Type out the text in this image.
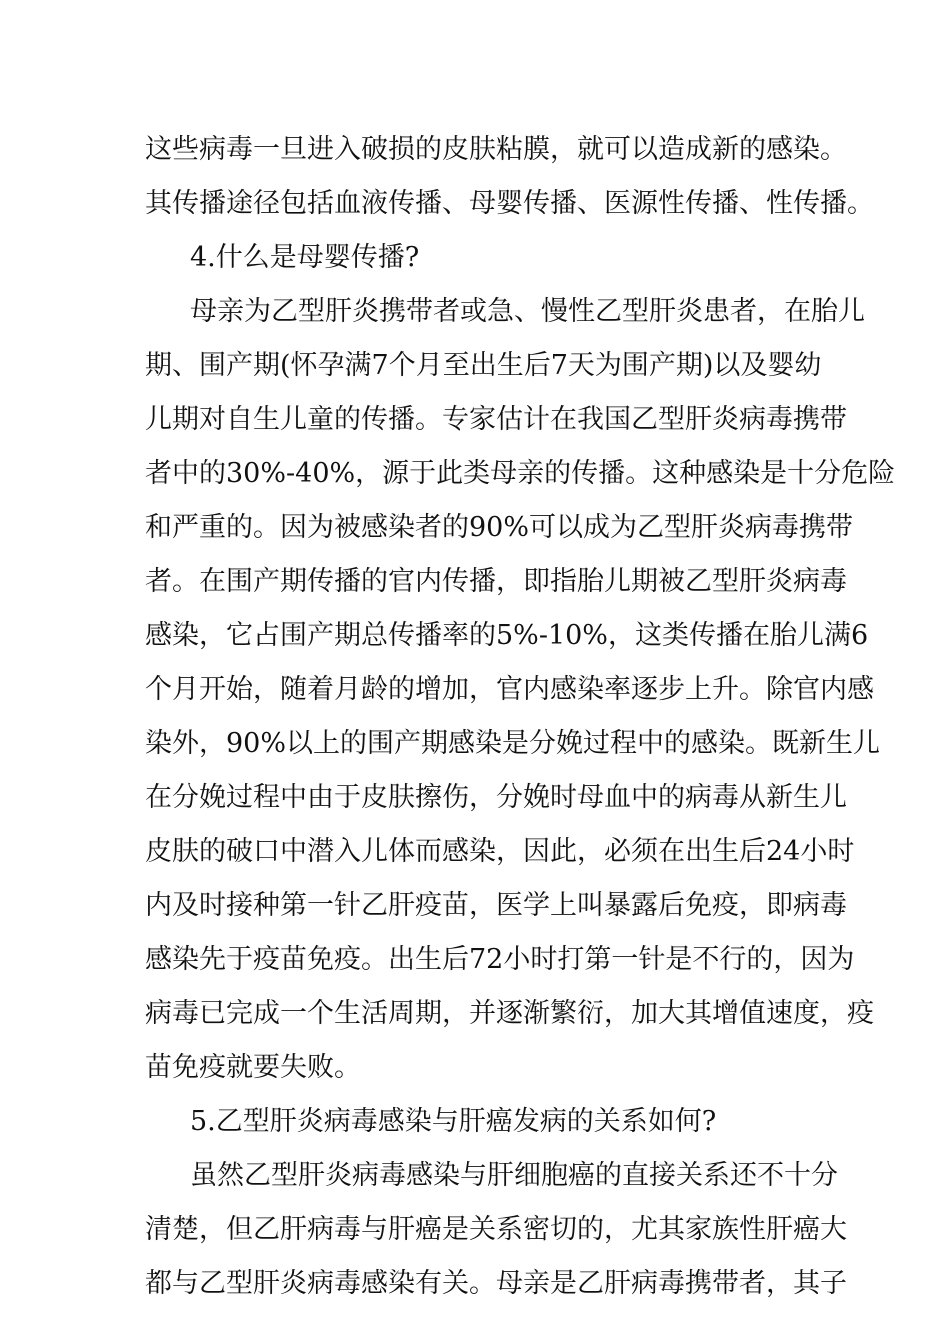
这些病毒一旦进入破损的皮肤粘膜，就可以造成新的感染。
其传播途径包括血液传播、母婴传播、医源性传播、性传播。
4.什么是母婴传播?
母亲为乙型肝炎携带者或急、慢性乙型肝炎患者，在胎儿
期、围产期(怀孕满7个月至出生后7天为围产期)以及婴幼
儿期对自生儿童的传播。专家估计在我国乙型肝炎病毒携带
者中的30%-40%，源于此类母亲的传播。这种感染是十分危险
和严重的。因为被感染者的90%可以成为乙型肝炎病毒携带
者。在围产期传播的官内传播，即指胎儿期被乙型肝炎病毒
感染，它占围产期总传播率的5%-10%，这类传播在胎儿满6
个月开始，随着月龄的增加，官内感染率逐步上升。除官内感
染外，90%以上的围产期感染是分娩过程中的感染。既新生儿
在分娩过程中由于皮肤擦伤，分娩时母血中的病毒从新生儿
皮肤的破口中潜入儿体而感染，因此，必须在出生后24小时
内及时接种第一针乙肝疫苗，医学上叫暴露后免疫，即病毒
感染先于疫苗免疫。出生后72小时打第一针是不行的，因为
病毒已完成一个生活周期，并逐渐繁衍，加大其增值速度，疫
苗免疫就要失败。
5.乙型肝炎病毒感染与肝癌发病的关系如何?
虽然乙型肝炎病毒感染与肝细胞癌的直接关系还不十分
清楚，但乙肝病毒与肝癌是关系密切的，尤其家族性肝癌大
都与乙型肝炎病毒感染有关。母亲是乙肝病毒携带者，其子
